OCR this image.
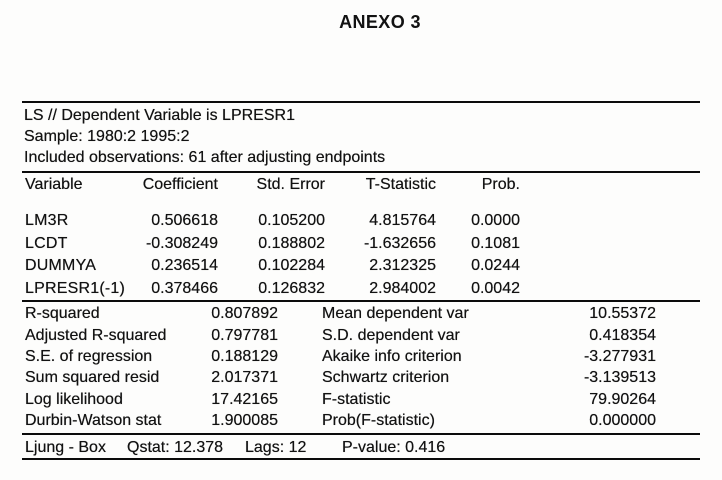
ANEXO 3
LS // Dependent Variable is LPRESR1
Sample: 1980:2 1995:2
Included observations: 61 after adjusting endpoints
Variable	Coefficient	Std. Error	T-Statistic	Prob.
LM3R	0.506618	0.105200	4.815764	0.0000
LCDT	-0.308249	0.188802	-1.632656	0.1081
DUMMYA	0.236514	0.102284	2.312325	0.0244
LPRESR1(-1)	0.378466	0.126832	2.984002	0.0042
R-squared	0.807892	Mean dependent var	10.55372
Adjusted R-squared	0.797781	S.D. dependent var	0.418354
S.E. of regression	0.188129	Akaike info criterion	-3.277931
Sum squared resid	2.017371	Schwartz criterion	-3.139513
Log likelihood	17.42165	F-statistic	79.90264
Durbin-Watson stat	1.900085	Prob(F-statistic)	0.000000
Ljung - Box	Qstat: 12.378	Lags: 12	P-value: 0.416
